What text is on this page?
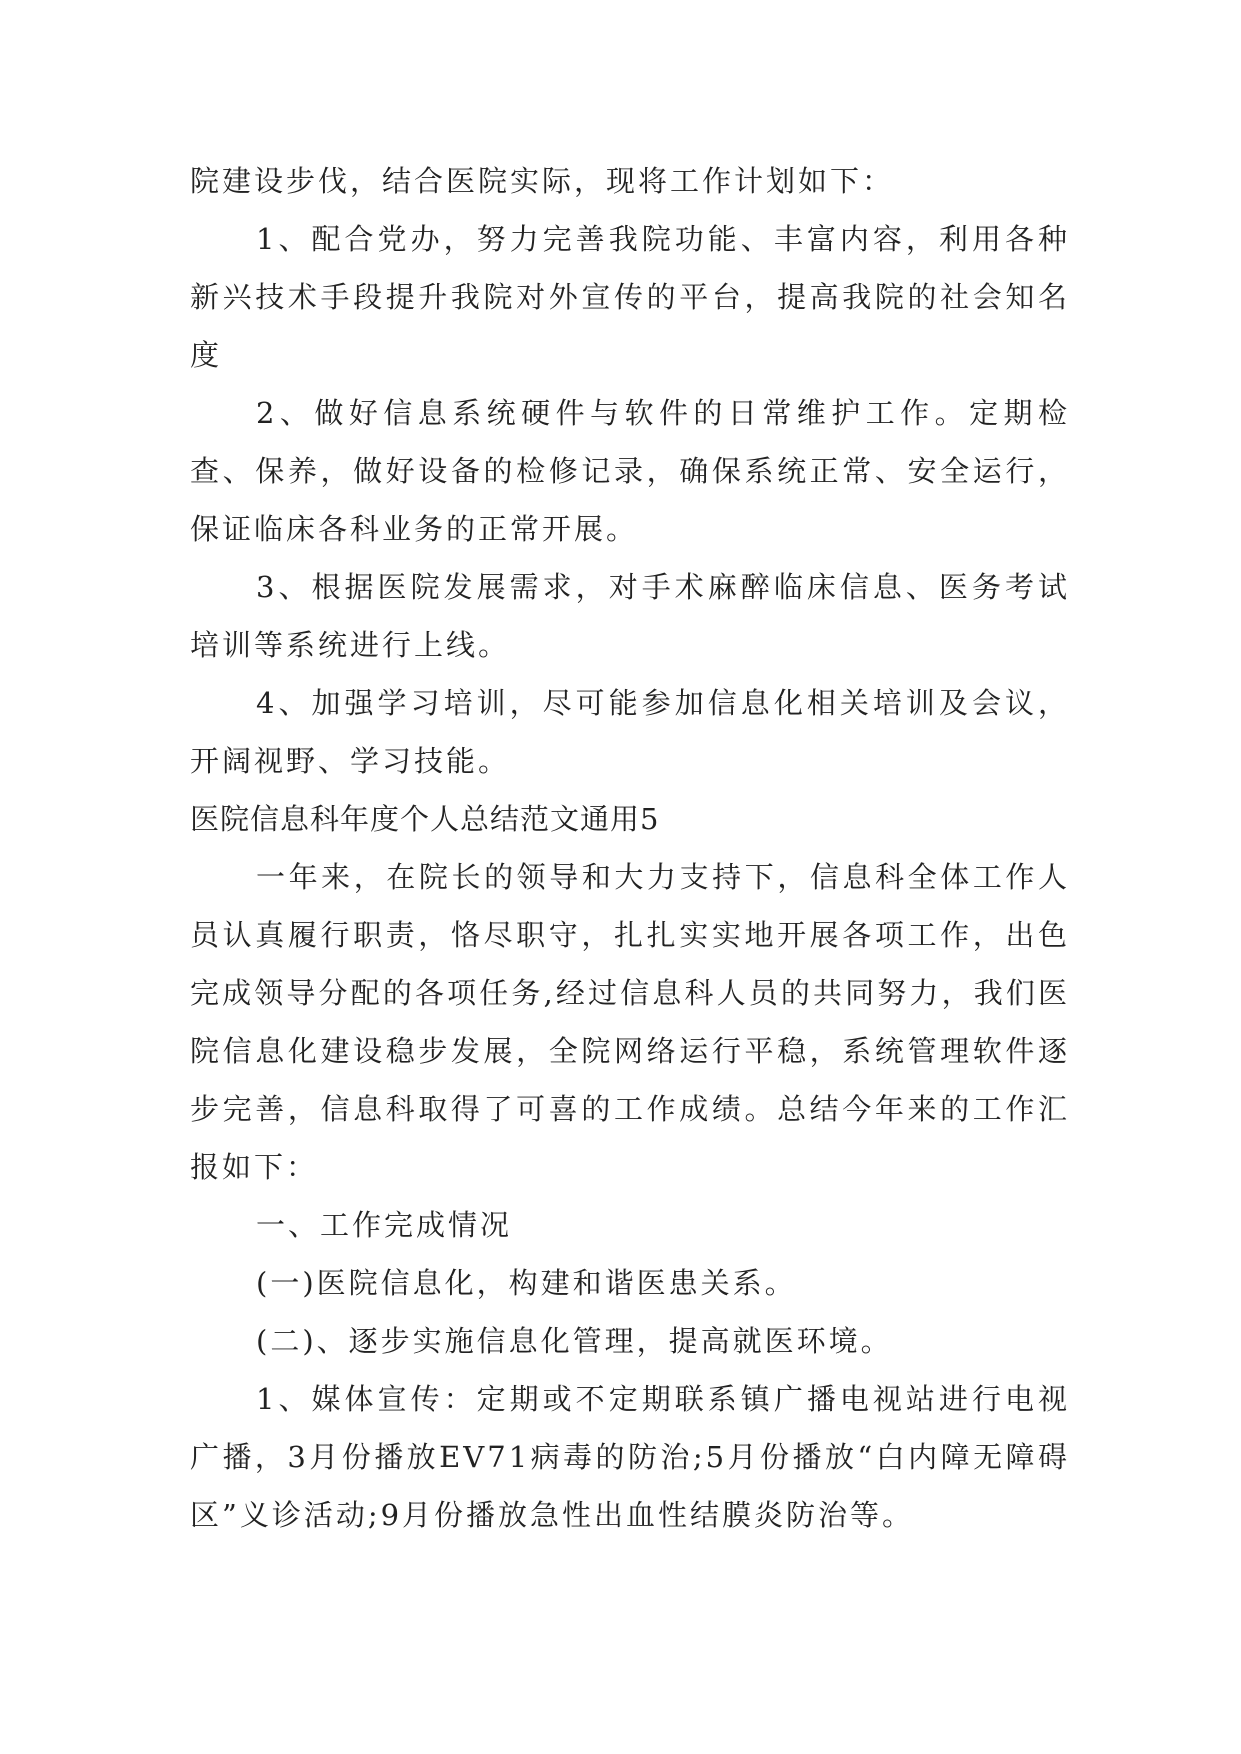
院建设步伐，结合医院实际，现将工作计划如下：

1、配合党办，努力完善我院功能、丰富内容，利用各种新兴技术手段提升我院对外宣传的平台，提高我院的社会知名度

2、做好信息系统硬件与软件的日常维护工作。定期检查、保养，做好设备的检修记录，确保系统正常、安全运行，保证临床各科业务的正常开展。

3、根据医院发展需求，对手术麻醉临床信息、医务考试培训等系统进行上线。

4、加强学习培训，尽可能参加信息化相关培训及会议，开阔视野、学习技能。

医院信息科年度个人总结范文通用5

一年来，在院长的领导和大力支持下，信息科全体工作人员认真履行职责，恪尽职守，扎扎实实地开展各项工作，出色完成领导分配的各项任务,经过信息科人员的共同努力，我们医院信息化建设稳步发展，全院网络运行平稳，系统管理软件逐步完善，信息科取得了可喜的工作成绩。总结今年来的工作汇报如下：

一、工作完成情况

(一)医院信息化，构建和谐医患关系。

(二)、逐步实施信息化管理，提高就医环境。

1、媒体宣传：定期或不定期联系镇广播电视站进行电视广播，3月份播放EV71病毒的防治;5月份播放“白内障无障碍区”义诊活动;9月份播放急性出血性结膜炎防治等。
